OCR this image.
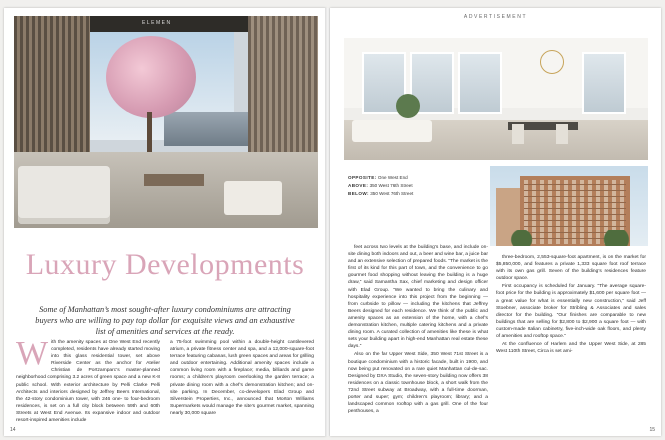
ELEMEN
Luxury Developments
Some of Manhattan’s most sought-after luxury condominiums are attracting buyers who are willing to pay top dollar for exquisite views and an exhaustive list of amenities and services at the ready.
With the amenity spaces at One West End recently completed, residents have already started moving into this glass residential tower, set above Riverside Center as the anchor for Atelier Christian de Portzamparc’s master-planned neighborhood comprising 3.2 acres of green space and a new K-8 public school. With exterior architecture by Pelli Clarke Pelli Architects and interiors designed by Jeffrey Beers International, the 42-story condominium tower, with 246 one- to four-bedroom residences, is set on a full city block between 59th and 60th Streets at West End Avenue. Its expansive indoor and outdoor resort-inspired amenities include
a 75-foot swimming pool within a double-height cantilevered atrium, a private fitness center and spa, and a 12,000-square-foot terrace featuring cabanas, lush green spaces and areas for grilling and outdoor entertaining. Additional amenity spaces include a common living room with a fireplace; media, billiards and game rooms; a children’s playroom overlooking the garden terrace; a private dining room with a chef’s demonstration kitchen; and on-site parking. In December, co-developers Elad Group and Silverstein Properties, Inc., announced that Morton Williams Supermarkets would manage the site’s gourmet market, spanning nearly 30,000 square
14
ADVERTISEMENT
OPPOSITE: One West End
ABOVE: 350 West 76th Street
BELOW: 350 West 76th Street

feet across two levels at the building’s base, and include on-site dining both indoors and out, a beer and wine bar, a juice bar and an extensive selection of prepared foods. “The market is the first of its kind for this part of town, and the convenience to go gourmet food shopping without leaving the building is a huge draw,” said Samantha Sax, chief marketing and design officer with Elad Group. “We wanted to bring the culinary and hospitality experience into this project from the beginning — from curbside to pillow — including the kitchens that Jeffrey Beers designed for each residence. We think of the public and amenity spaces as an extension of the home, with a chef’s demonstration kitchen, multiple catering kitchens and a private dining room. A curated collection of amenities like these is what sets your building apart in high-end Manhattan real estate these days.”

Also on the far Upper West Side, 350 West 71st Street is a boutique condominium with a historic facade, built in 1900, and now being put renovated on a rare quiet Manhattan cul-de-sac. Designed by DXA Studio, the seven-story building now offers 38 residences on a classic townhouse block, a short walk from the 72nd Street subway at Broadway, with a full-time doorman, porter and super; gym; children’s playroom; library; and a landscaped common rooftop with a gas grill. One of the four penthouses, a

three-bedroom, 2,553-square-foot apartment, is on the market for $5,850,000, and features a private 1,333 square foot roof terrace with its own gas grill. Seven of the building’s residences feature outdoor space.

First occupancy is scheduled for January. “The average square-foot price for the building is approximately $1,600 per square foot — a great value for what is essentially new construction,” said Jeff Stoebner, associate broker for Stribling & Associates and sales director for the building. “Our finishes are comparable to new buildings that are selling for $2,800 to $2,900 a square foot — with custom-made Italian cabinetry, five-inch-wide oak floors, and plenty of amenities and rooftop space.”

At the confluence of Harlem and the Upper West Side, at 285 West 110th Street, Circa is set ami-

15
